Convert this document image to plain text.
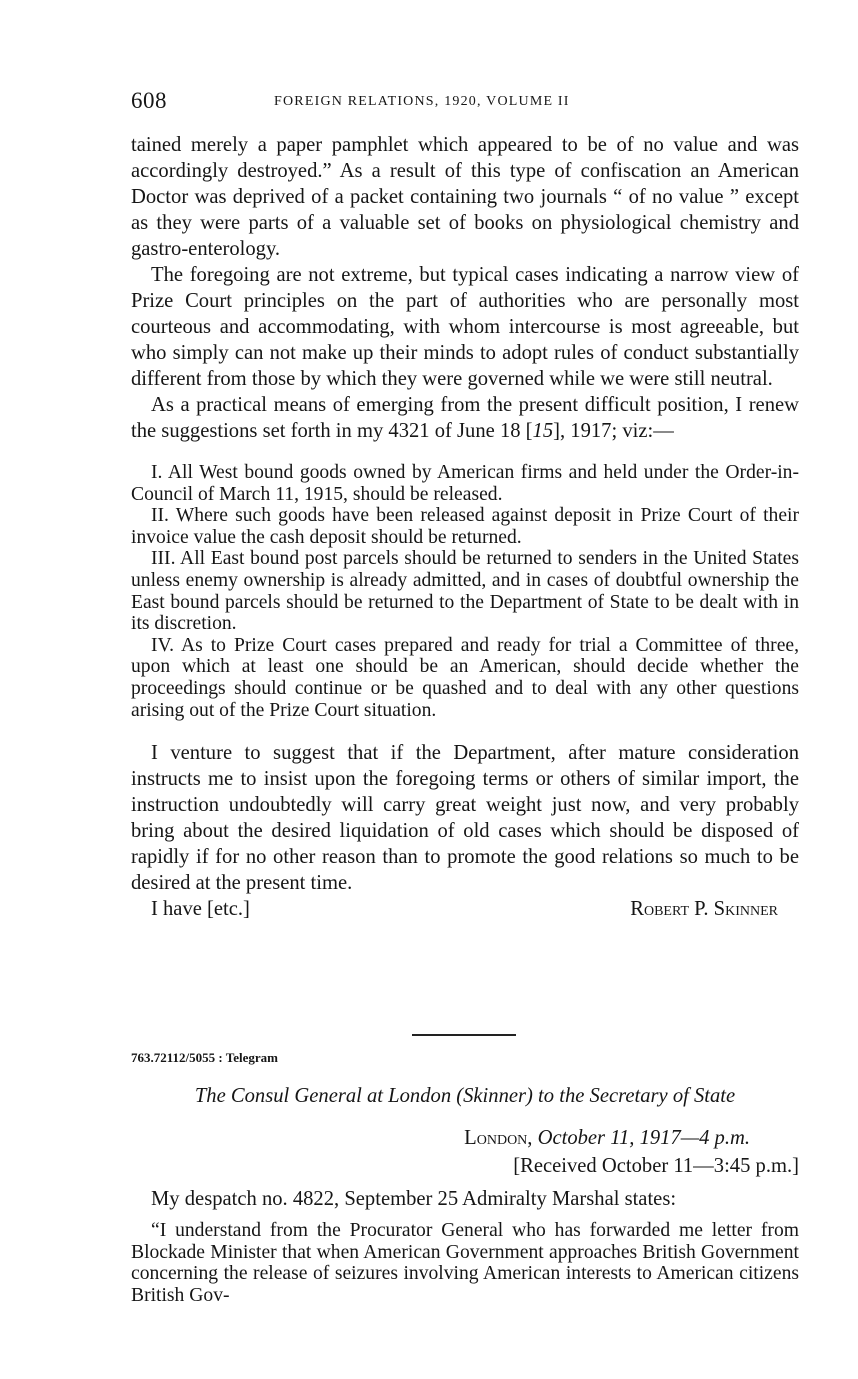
608	FOREIGN RELATIONS, 1920, VOLUME II

tained merely a paper pamphlet which appeared to be of no value and was accordingly destroyed.” As a result of this type of confiscation an American Doctor was deprived of a packet containing two journals “ of no value ” except as they were parts of a valuable set of books on physiological chemistry and gastro-enterology.

The foregoing are not extreme, but typical cases indicating a narrow view of Prize Court principles on the part of authorities who are personally most courteous and accommodating, with whom intercourse is most agreeable, but who simply can not make up their minds to adopt rules of conduct substantially different from those by which they were governed while we were still neutral.

As a practical means of emerging from the present difficult position, I renew the suggestions set forth in my 4321 of June 18 [15], 1917; viz:—

I. All West bound goods owned by American firms and held under the Order-in-Council of March 11, 1915, should be released.

II. Where such goods have been released against deposit in Prize Court of their invoice value the cash deposit should be returned.

III. All East bound post parcels should be returned to senders in the United States unless enemy ownership is already admitted, and in cases of doubtful ownership the East bound parcels should be returned to the Department of State to be dealt with in its discretion.

IV. As to Prize Court cases prepared and ready for trial a Committee of three, upon which at least one should be an American, should decide whether the proceedings should continue or be quashed and to deal with any other questions arising out of the Prize Court situation.

I venture to suggest that if the Department, after mature consideration instructs me to insist upon the foregoing terms or others of similar import, the instruction undoubtedly will carry great weight just now, and very probably bring about the desired liquidation of old cases which should be disposed of rapidly if for no other reason than to promote the good relations so much to be desired at the present time.

I have [etc.]	Robert P. Skinner
763.72112/5055 : Telegram
The Consul General at London (Skinner) to the Secretary of State
London, October 11, 1917—4 p.m.
[Received October 11—3:45 p.m.]

My despatch no. 4822, September 25 Admiralty Marshal states:

“I understand from the Procurator General who has forwarded me letter from Blockade Minister that when American Government approaches British Government concerning the release of seizures involving American interests to American citizens British Gov-
